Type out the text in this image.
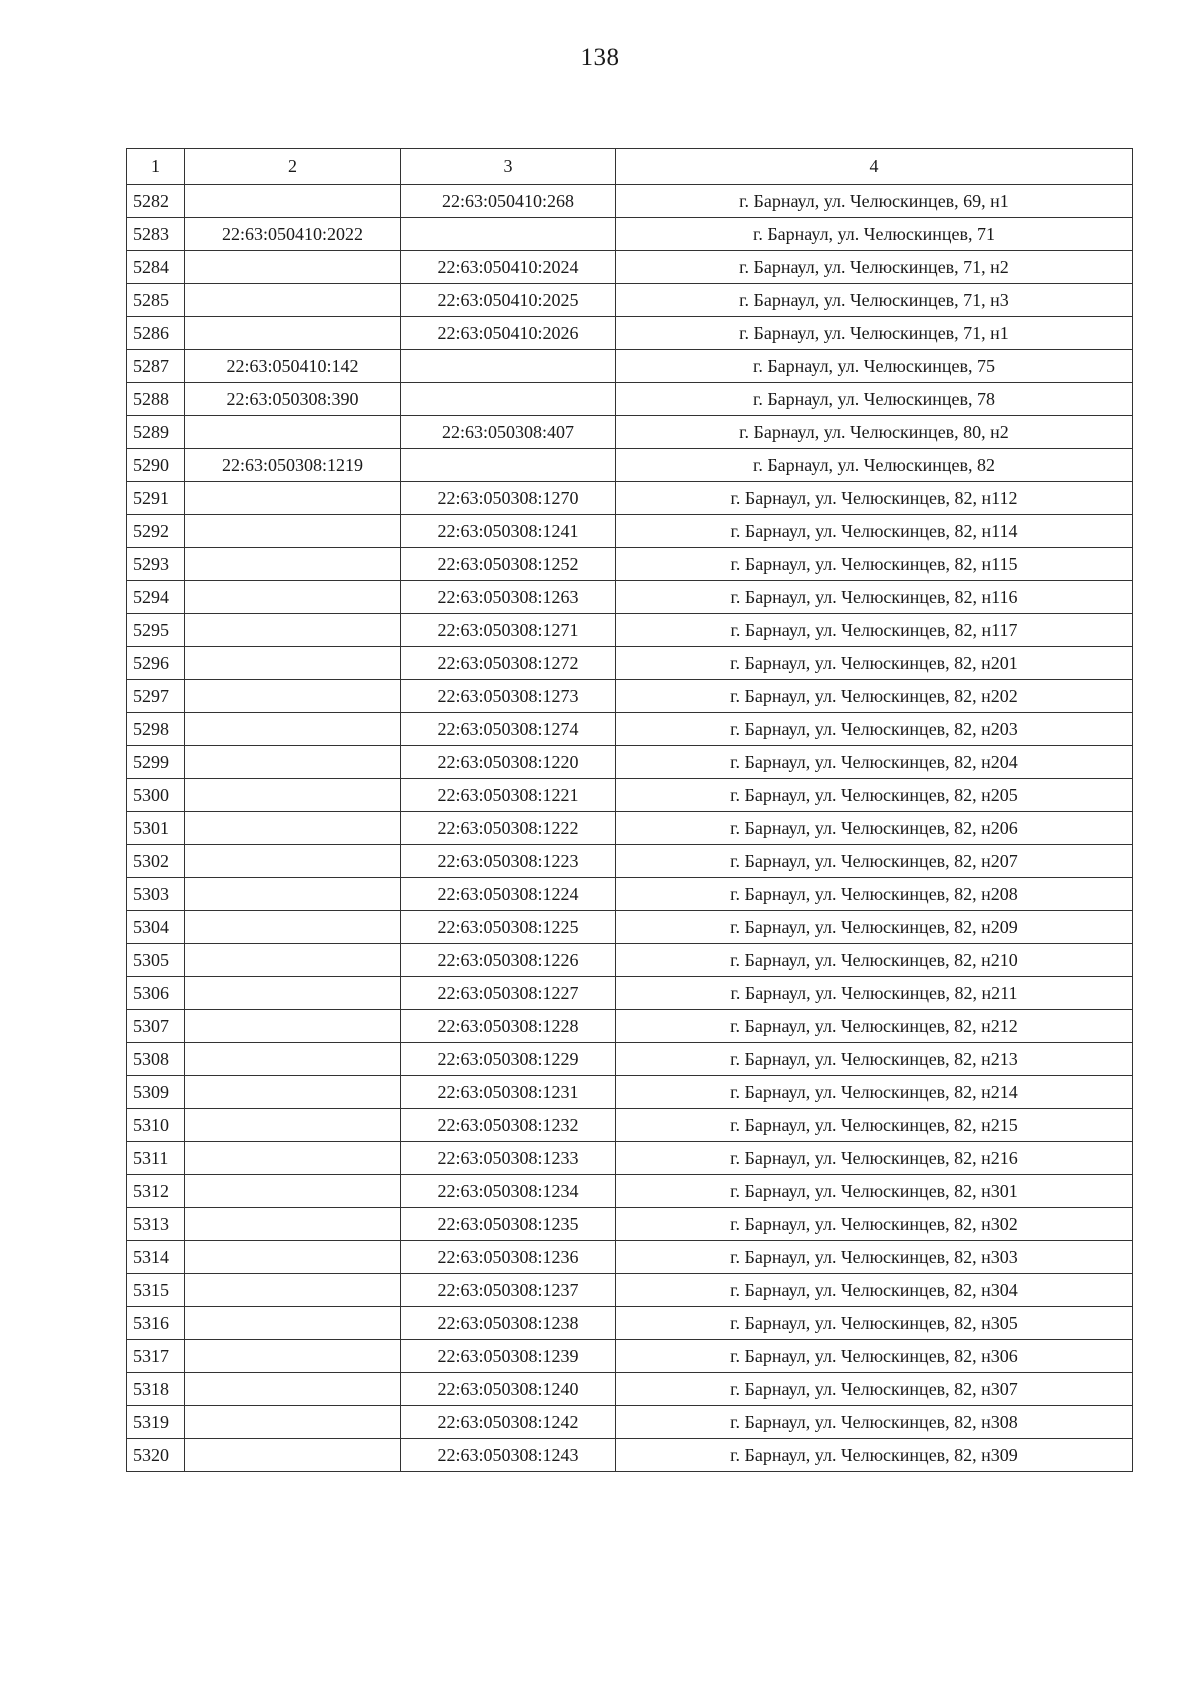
138
1	2	3	4
5282		22:63:050410:268	г. Барнаул, ул. Челюскинцев, 69, н1
5283	22:63:050410:2022		г. Барнаул, ул. Челюскинцев, 71
5284		22:63:050410:2024	г. Барнаул, ул. Челюскинцев, 71, н2
5285		22:63:050410:2025	г. Барнаул, ул. Челюскинцев, 71, н3
5286		22:63:050410:2026	г. Барнаул, ул. Челюскинцев, 71, н1
5287	22:63:050410:142		г. Барнаул, ул. Челюскинцев, 75
5288	22:63:050308:390		г. Барнаул, ул. Челюскинцев, 78
5289		22:63:050308:407	г. Барнаул, ул. Челюскинцев, 80, н2
5290	22:63:050308:1219		г. Барнаул, ул. Челюскинцев, 82
5291		22:63:050308:1270	г. Барнаул, ул. Челюскинцев, 82, н112
5292		22:63:050308:1241	г. Барнаул, ул. Челюскинцев, 82, н114
5293		22:63:050308:1252	г. Барнаул, ул. Челюскинцев, 82, н115
5294		22:63:050308:1263	г. Барнаул, ул. Челюскинцев, 82, н116
5295		22:63:050308:1271	г. Барнаул, ул. Челюскинцев, 82, н117
5296		22:63:050308:1272	г. Барнаул, ул. Челюскинцев, 82, н201
5297		22:63:050308:1273	г. Барнаул, ул. Челюскинцев, 82, н202
5298		22:63:050308:1274	г. Барнаул, ул. Челюскинцев, 82, н203
5299		22:63:050308:1220	г. Барнаул, ул. Челюскинцев, 82, н204
5300		22:63:050308:1221	г. Барнаул, ул. Челюскинцев, 82, н205
5301		22:63:050308:1222	г. Барнаул, ул. Челюскинцев, 82, н206
5302		22:63:050308:1223	г. Барнаул, ул. Челюскинцев, 82, н207
5303		22:63:050308:1224	г. Барнаул, ул. Челюскинцев, 82, н208
5304		22:63:050308:1225	г. Барнаул, ул. Челюскинцев, 82, н209
5305		22:63:050308:1226	г. Барнаул, ул. Челюскинцев, 82, н210
5306		22:63:050308:1227	г. Барнаул, ул. Челюскинцев, 82, н211
5307		22:63:050308:1228	г. Барнаул, ул. Челюскинцев, 82, н212
5308		22:63:050308:1229	г. Барнаул, ул. Челюскинцев, 82, н213
5309		22:63:050308:1231	г. Барнаул, ул. Челюскинцев, 82, н214
5310		22:63:050308:1232	г. Барнаул, ул. Челюскинцев, 82, н215
5311		22:63:050308:1233	г. Барнаул, ул. Челюскинцев, 82, н216
5312		22:63:050308:1234	г. Барнаул, ул. Челюскинцев, 82, н301
5313		22:63:050308:1235	г. Барнаул, ул. Челюскинцев, 82, н302
5314		22:63:050308:1236	г. Барнаул, ул. Челюскинцев, 82, н303
5315		22:63:050308:1237	г. Барнаул, ул. Челюскинцев, 82, н304
5316		22:63:050308:1238	г. Барнаул, ул. Челюскинцев, 82, н305
5317		22:63:050308:1239	г. Барнаул, ул. Челюскинцев, 82, н306
5318		22:63:050308:1240	г. Барнаул, ул. Челюскинцев, 82, н307
5319		22:63:050308:1242	г. Барнаул, ул. Челюскинцев, 82, н308
5320		22:63:050308:1243	г. Барнаул, ул. Челюскинцев, 82, н309
